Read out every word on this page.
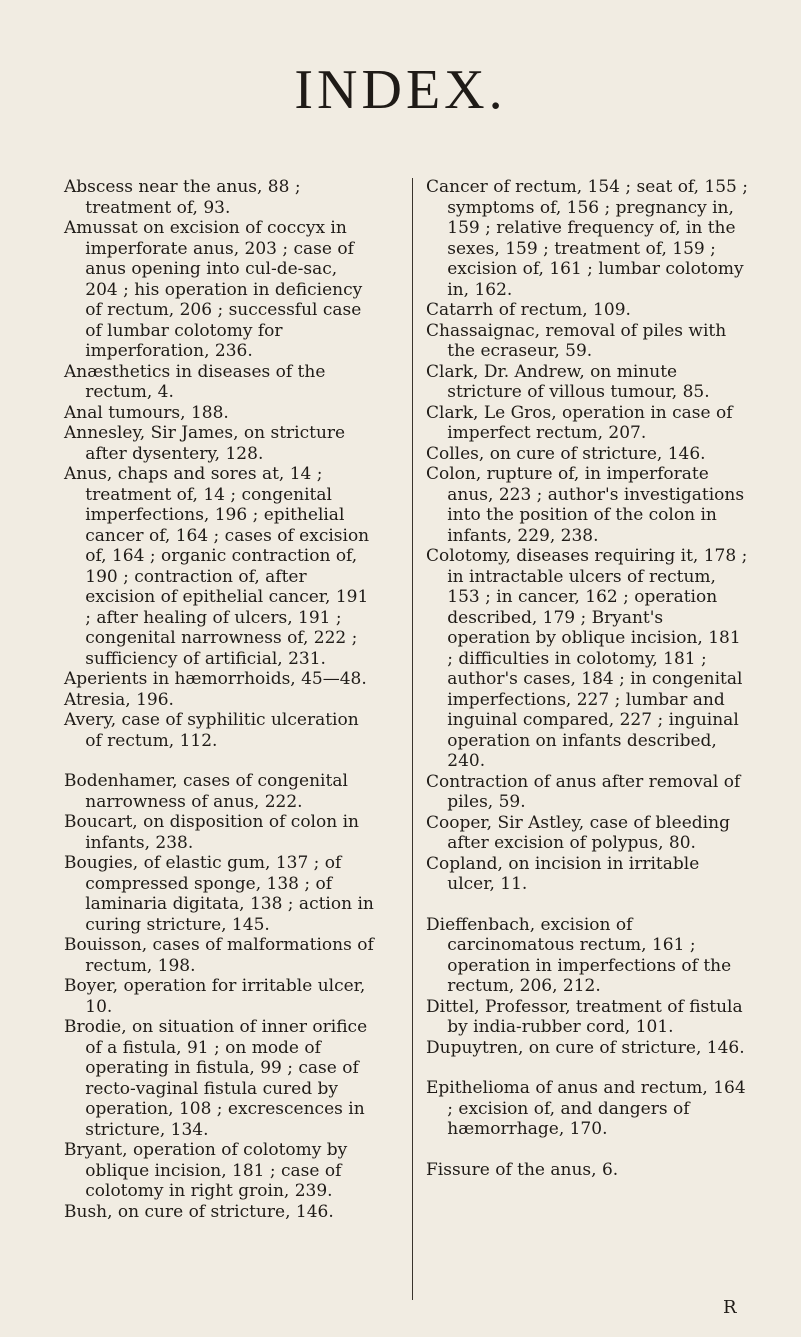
INDEX.

Abscess near the anus, 88 ; treatment of, 93.

Amussat on excision of coccyx in imperforate anus, 203 ; case of anus opening into cul-de-sac, 204 ; his operation in deficiency of rectum, 206 ; successful case of lumbar colotomy for imperforation, 236.

Anæsthetics in diseases of the rectum, 4.

Anal tumours, 188.

Annesley, Sir James, on stricture after dysentery, 128.

Anus, chaps and sores at, 14 ; treatment of, 14 ; congenital imperfections, 196 ; epithelial cancer of, 164 ; cases of excision of, 164 ; organic contraction of, 190 ; contraction of, after excision of epithelial cancer, 191 ; after healing of ulcers, 191 ; congenital narrowness of, 222 ; sufficiency of artificial, 231.

Aperients in hæmorrhoids, 45—48.

Atresia, 196.

Avery, case of syphilitic ulceration of rectum, 112.

Bodenhamer, cases of congenital narrowness of anus, 222.

Boucart, on disposition of colon in infants, 238.

Bougies, of elastic gum, 137 ; of compressed sponge, 138 ; of laminaria digitata, 138 ; action in curing stricture, 145.

Bouisson, cases of malformations of rectum, 198.

Boyer, operation for irritable ulcer, 10.

Brodie, on situation of inner orifice of a fistula, 91 ; on mode of operating in fistula, 99 ; case of recto-vaginal fistula cured by operation, 108 ; excrescences in stricture, 134.

Bryant, operation of colotomy by oblique incision, 181 ; case of colotomy in right groin, 239.

Bush, on cure of stricture, 146.

Cancer of rectum, 154 ; seat of, 155 ; symptoms of, 156 ; pregnancy in, 159 ; relative frequency of, in the sexes, 159 ; treatment of, 159 ; excision of, 161 ; lumbar colotomy in, 162.

Catarrh of rectum, 109.

Chassaignac, removal of piles with the ecraseur, 59.

Clark, Dr. Andrew, on minute stricture of villous tumour, 85.

Clark, Le Gros, operation in case of imperfect rectum, 207.

Colles, on cure of stricture, 146.

Colon, rupture of, in imperforate anus, 223 ; author's investigations into the position of the colon in infants, 229, 238.

Colotomy, diseases requiring it, 178 ; in intractable ulcers of rectum, 153 ; in cancer, 162 ; operation described, 179 ; Bryant's operation by oblique incision, 181 ; difficulties in colotomy, 181 ; author's cases, 184 ; in congenital imperfections, 227 ; lumbar and inguinal compared, 227 ; inguinal operation on infants described, 240.

Contraction of anus after removal of piles, 59.

Cooper, Sir Astley, case of bleeding after excision of polypus, 80.

Copland, on incision in irritable ulcer, 11.

Dieffenbach, excision of carcinomatous rectum, 161 ; operation in imperfections of the rectum, 206, 212.

Dittel, Professor, treatment of fistula by india-rubber cord, 101.

Dupuytren, on cure of stricture, 146.

Epithelioma of anus and rectum, 164 ; excision of, and dangers of hæmorrhage, 170.

Fissure of the anus, 6.

R
